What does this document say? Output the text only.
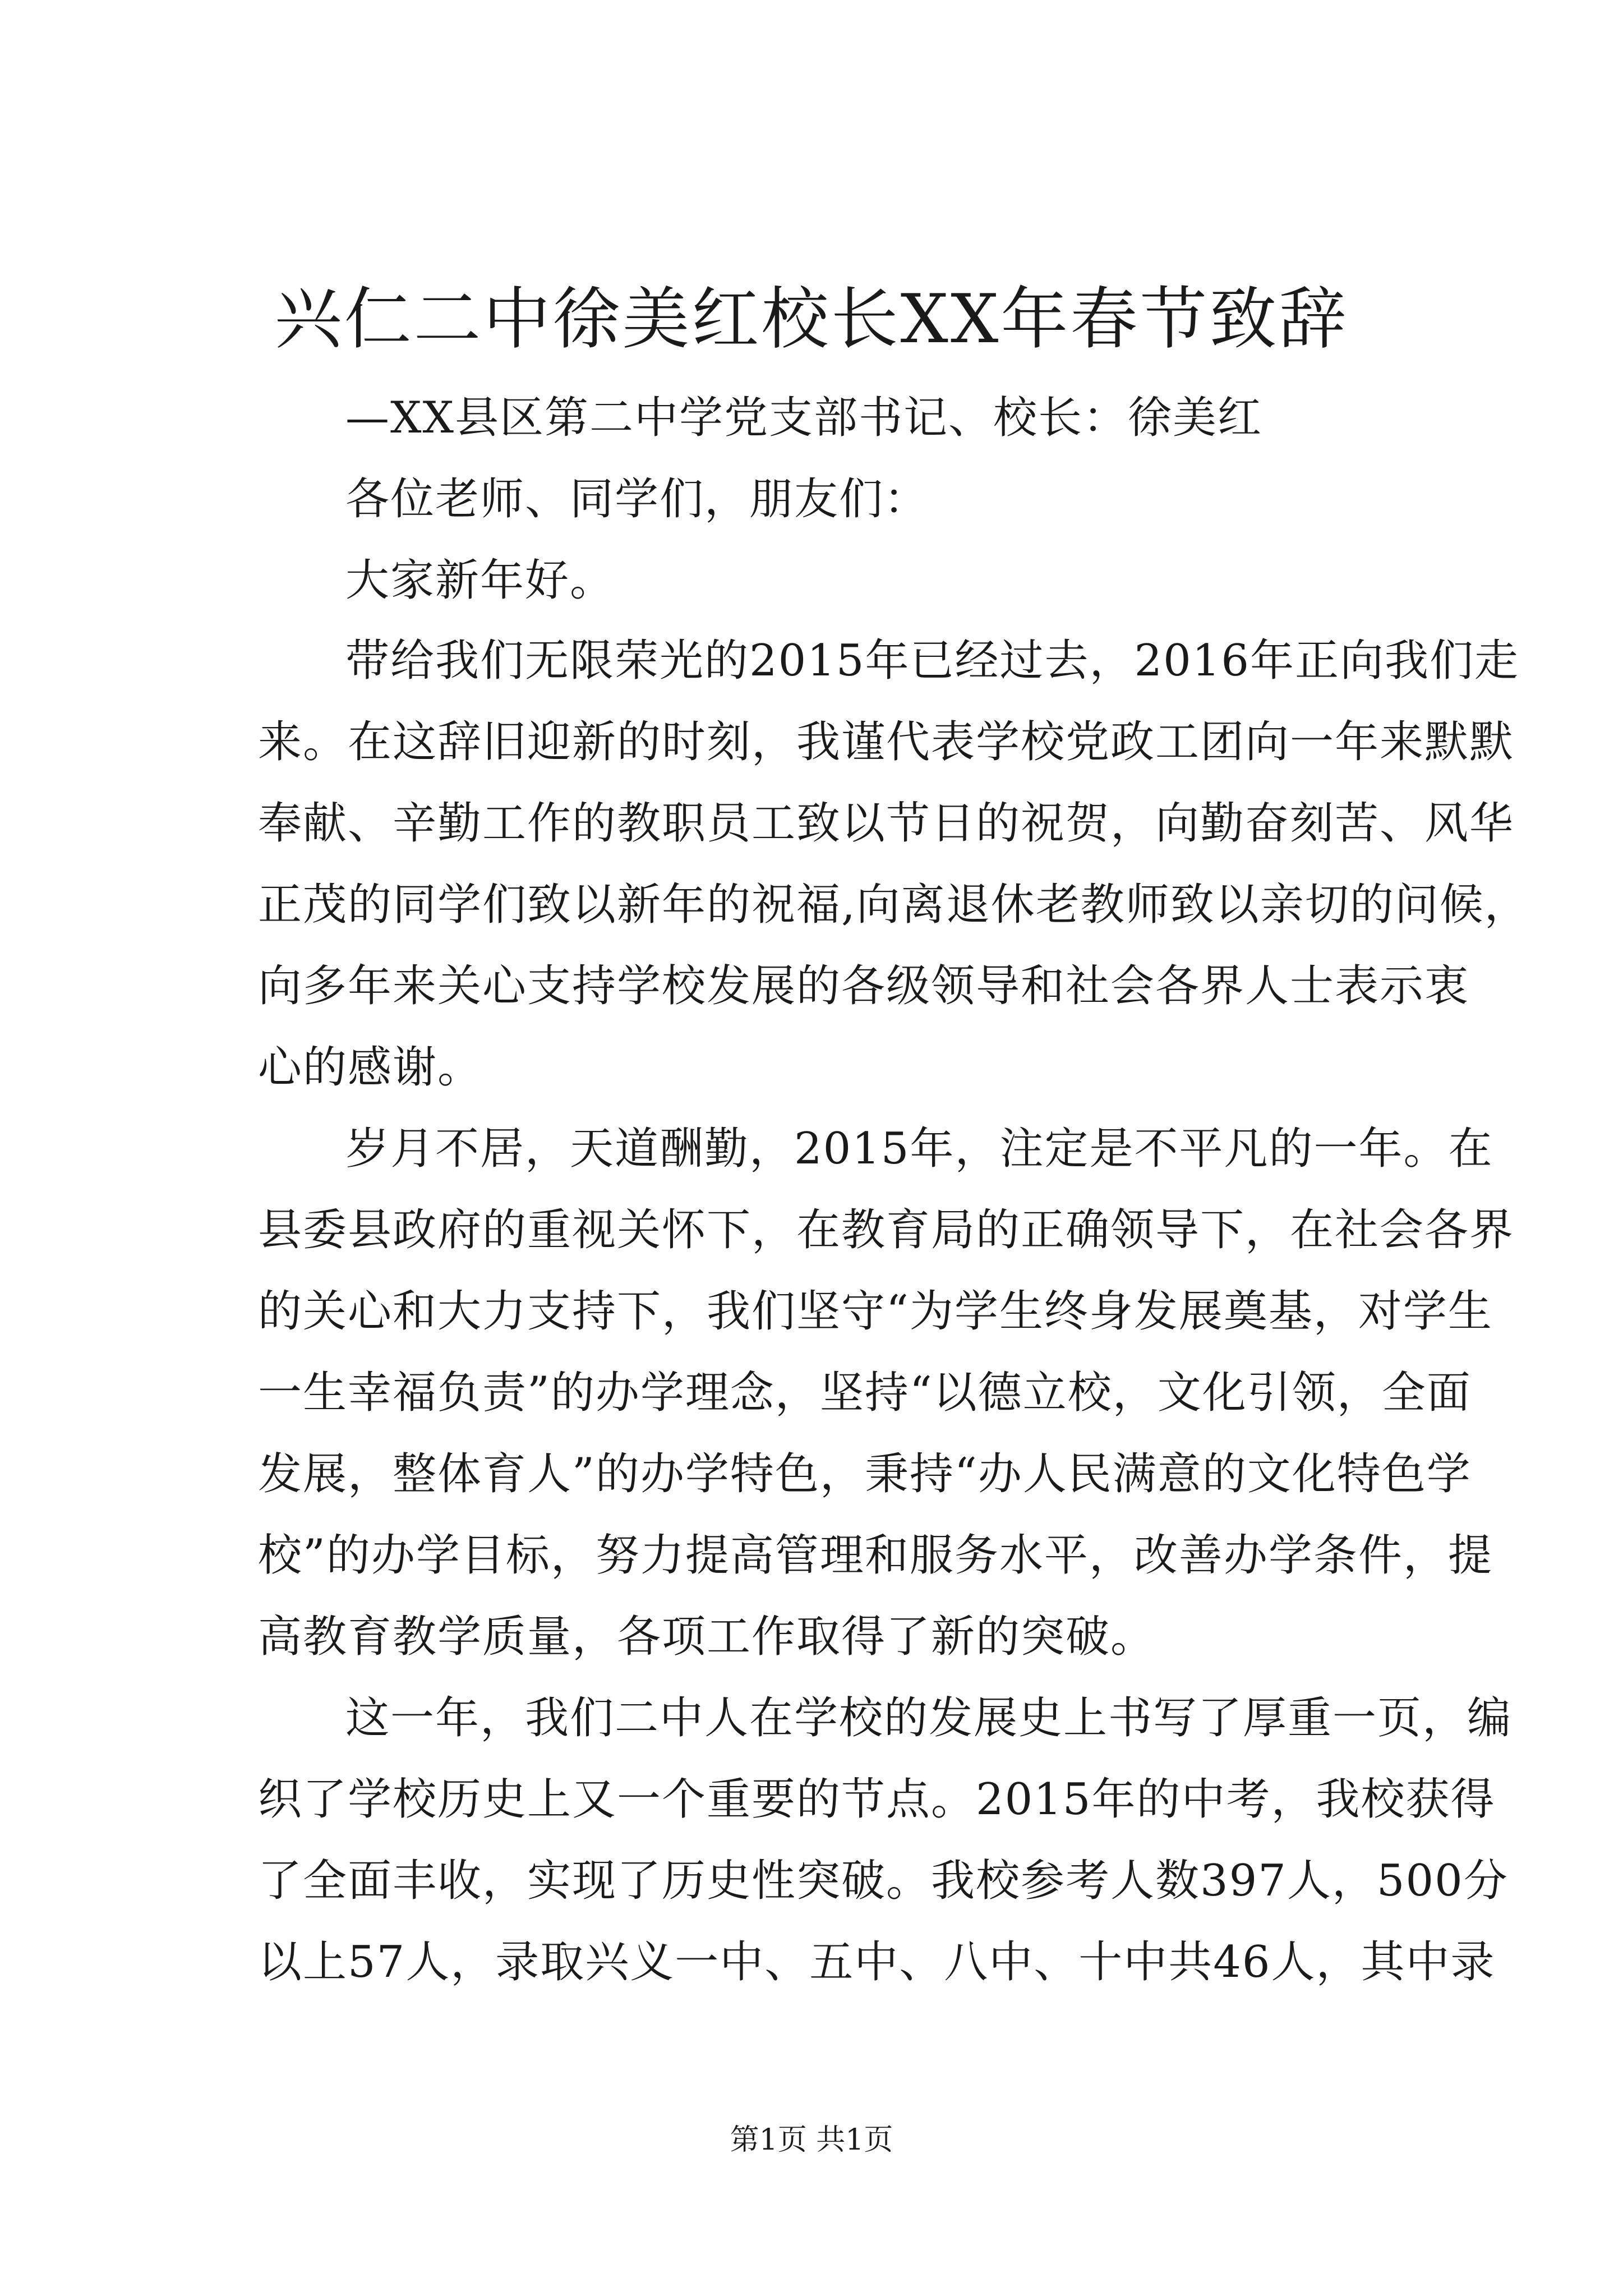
兴仁二中徐美红校长XX年春节致辞
—XX县区第二中学党支部书记、校长：徐美红
各位老师、同学们，朋友们：
大家新年好。
带给我们无限荣光的2015年已经过去，2016年正向我们走
来。在这辞旧迎新的时刻，我谨代表学校党政工团向一年来默默
奉献、辛勤工作的教职员工致以节日的祝贺，向勤奋刻苦、风华
正茂的同学们致以新年的祝福,向离退休老教师致以亲切的问候，
向多年来关心支持学校发展的各级领导和社会各界人士表示衷
心的感谢。
岁月不居，天道酬勤，2015年，注定是不平凡的一年。在
县委县政府的重视关怀下，在教育局的正确领导下，在社会各界
的关心和大力支持下，我们坚守“为学生终身发展奠基，对学生
一生幸福负责”的办学理念，坚持“以德立校，文化引领，全面
发展，整体育人”的办学特色，秉持“办人民满意的文化特色学
校”的办学目标，努力提高管理和服务水平，改善办学条件，提
高教育教学质量，各项工作取得了新的突破。
这一年，我们二中人在学校的发展史上书写了厚重一页，编
织了学校历史上又一个重要的节点。2015年的中考，我校获得
了全面丰收，实现了历史性突破。我校参考人数397人，500分
以上57人，录取兴义一中、五中、八中、十中共46人，其中录
第1页 共1页
